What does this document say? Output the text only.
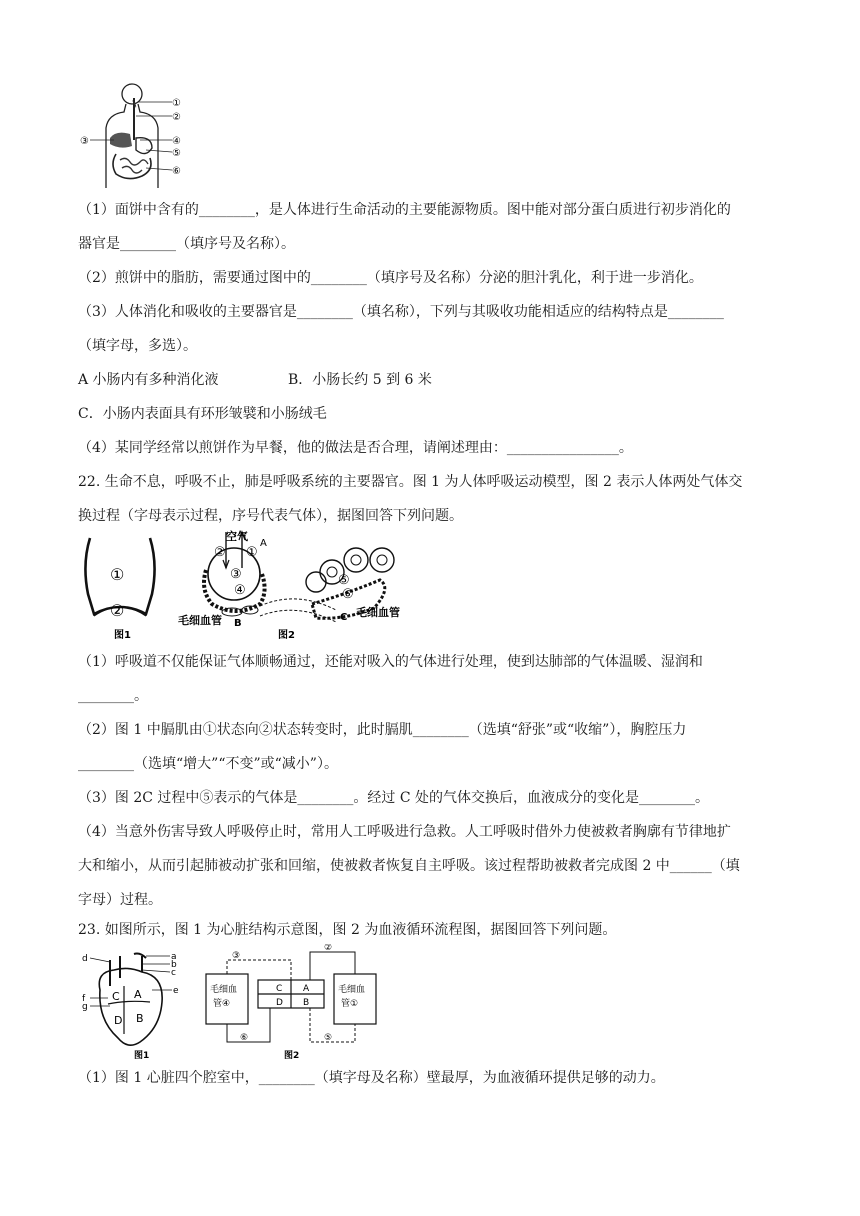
①
②
③	④
⑤
⑥
（1）面饼中含有的________，是人体进行生命活动的主要能源物质。图中能对部分蛋白质进行初步消化的
器官是________（填序号及名称）。
（2）煎饼中的脂肪，需要通过图中的________（填序号及名称）分泌的胆汁乳化，利于进一步消化。
（3）人体消化和吸收的主要器官是________（填名称），下列与其吸收功能相适应的结构特点是________
（填字母，多选）。
A 小肠内有多种消化液	B．小肠长约 5 到 6 米
C．小肠内表面具有环形皱襞和小肠绒毛
（4）某同学经常以煎饼作为早餐，他的做法是否合理，请阐述理由：________________。
22. 生命不息，呼吸不止，肺是呼吸系统的主要器官。图 1 为人体呼吸运动模型，图 2 表示人体两处气体交
换过程（字母表示过程，序号代表气体），据图回答下列问题。
①
②
图1
空气
② ①
A
③
④
B
⑤
⑥
C
毛细血管
毛细血管
图2
（1）呼吸道不仅能保证气体顺畅通过，还能对吸入的气体进行处理，使到达肺部的气体温暖、湿润和
________。
（2）图 1 中膈肌由①状态向②状态转变时，此时膈肌________（选填“舒张”或“收缩”），胸腔压力
________（选填“增大”“不变”或“减小”）。
（3）图 2C 过程中⑤表示的气体是________。经过 C 处的气体交换后，血液成分的变化是________。
（4）当意外伤害导致人呼吸停止时，常用人工呼吸进行急救。人工呼吸时借外力使被救者胸廓有节律地扩
大和缩小，从而引起肺被动扩张和回缩，使被救者恢复自主呼吸。该过程帮助被救者完成图 2 中______（填
字母）过程。
23. 如图所示，图 1 为心脏结构示意图，图 2 为血液循环流程图，据图回答下列问题。
C A
D B
d	a
b
c
e
f
g
图1
毛细血
管④
毛细血
管①
C A
D B
②
③
⑤
⑥
图2
（1）图 1 心脏四个腔室中，________（填字母及名称）壁最厚，为血液循环提供足够的动力。
